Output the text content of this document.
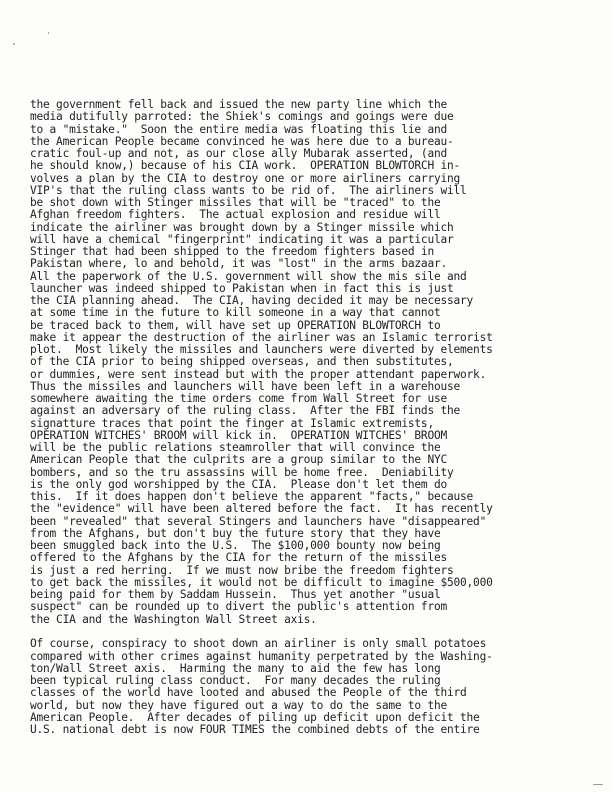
the government fell back and issued the new party line which the
media dutifully parroted: the Shiek's comings and goings were due
to a "mistake."  Soon the entire media was floating this lie and
the American People became convinced he was here due to a bureau-
cratic foul-up and not, as our close ally Mubarak asserted, (and
he should know,) because of his CIA work.  OPERATION BLOWTORCH in-
volves a plan by the CIA to destroy one or more airliners carrying
VIP's that the ruling class wants to be rid of.  The airliners will
be shot down with Stinger missiles that will be "traced" to the
Afghan freedom fighters.  The actual explosion and residue will
indicate the airliner was brought down by a Stinger missile which
will have a chemical "fingerprint" indicating it was a particular
Stinger that had been shipped to the freedom fighters based in
Pakistan where, lo and behold, it was "lost" in the arms bazaar.
All the paperwork of the U.S. government will show the mis sile and
launcher was indeed shipped to Pakistan when in fact this is just
the CIA planning ahead.  The CIA, having decided it may be necessary
at some time in the future to kill someone in a way that cannot
be traced back to them, will have set up OPERATION BLOWTORCH to
make it appear the destruction of the airliner was an Islamic terrorist
plot.  Most likely the missiles and launchers were diverted by elements
of the CIA prior to being shipped overseas, and then substitutes,
or dummies, were sent instead but with the proper attendant paperwork.
Thus the missiles and launchers will have been left in a warehouse
somewhere awaiting the time orders come from Wall Street for use
against an adversary of the ruling class.  After the FBI finds the
signatture traces that point the finger at Islamic extremists,
OPERATION WITCHES' BROOM will kick in.  OPERATION WITCHES' BROOM
will be the public relations steamroller that will convince the
American People that the culprits are a group similar to the NYC
bombers, and so the tru assassins will be home free.  Deniability
is the only god worshipped by the CIA.  Please don't let them do
this.  If it does happen don't believe the apparent "facts," because
the "evidence" will have been altered before the fact.  It has recently
been "revealed" that several Stingers and launchers have "disappeared"
from the Afghans, but don't buy the future story that they have
been smuggled back into the U.S.  The $100,000 bounty now being
offered to the Afghans by the CIA for the return of the missiles
is just a red herring.  If we must now bribe the freedom fighters
to get back the missiles, it would not be difficult to imagine $500,000
being paid for them by Saddam Hussein.  Thus yet another "usual
suspect" can be rounded up to divert the public's attention from
the CIA and the Washington Wall Street axis.
Of course, conspiracy to shoot down an airliner is only small potatoes
compared with other crimes against humanity perpetrated by the Washing-
ton/Wall Street axis.  Harming the many to aid the few has long
been typical ruling class conduct.  For many decades the ruling
classes of the world have looted and abused the People of the third
world, but now they have figured out a way to do the same to the
American People.  After decades of piling up deficit upon deficit the
U.S. national debt is now FOUR TIMES the combined debts of the entire
